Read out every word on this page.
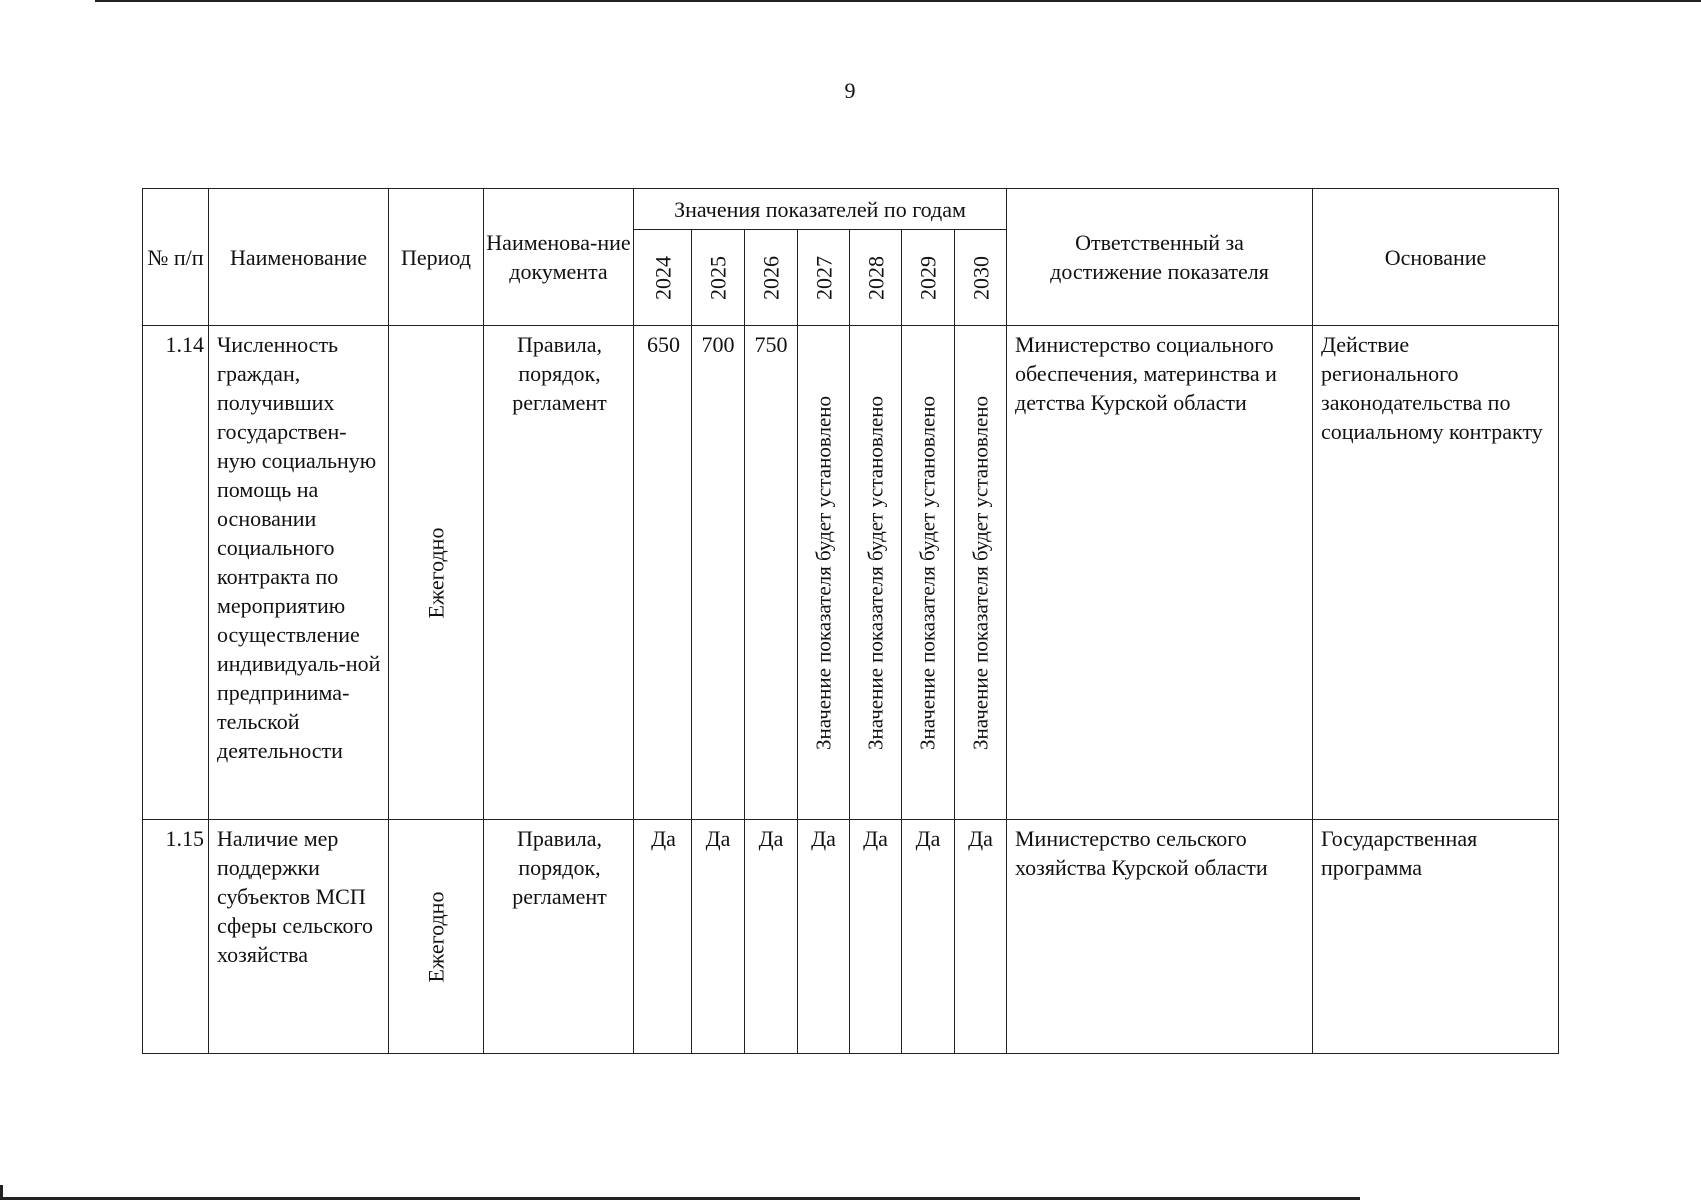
9
№ п/п	Наименование	Период	Наименова-ние документа	Значения показателей по годам							Ответственный за достижение показателя	Основание

				2024	2025	2026	2027	2028	2029	2030		

1.14	Численность граждан, получивших государствен-ную социальную помощь на основании социального контракта по мероприятию осуществление индивидуаль-ной предпринима-тельской деятельности	Ежегодно	Правила, порядок, регламент	650	700	750	Значение показателя будет установлено	Значение показателя будет установлено	Значение показателя будет установлено	Значение показателя будет установлено	Министерство социального обеспечения, материнства и детства Курской области	Действие регионального законодательства по социальному контракту
1.15	Наличие мер поддержки субъектов МСП сферы сельского хозяйства	Ежегодно	Правила, порядок, регламент	Да	Да	Да	Да	Да	Да	Да	Министерство сельского хозяйства Курской области	Государственная программа
